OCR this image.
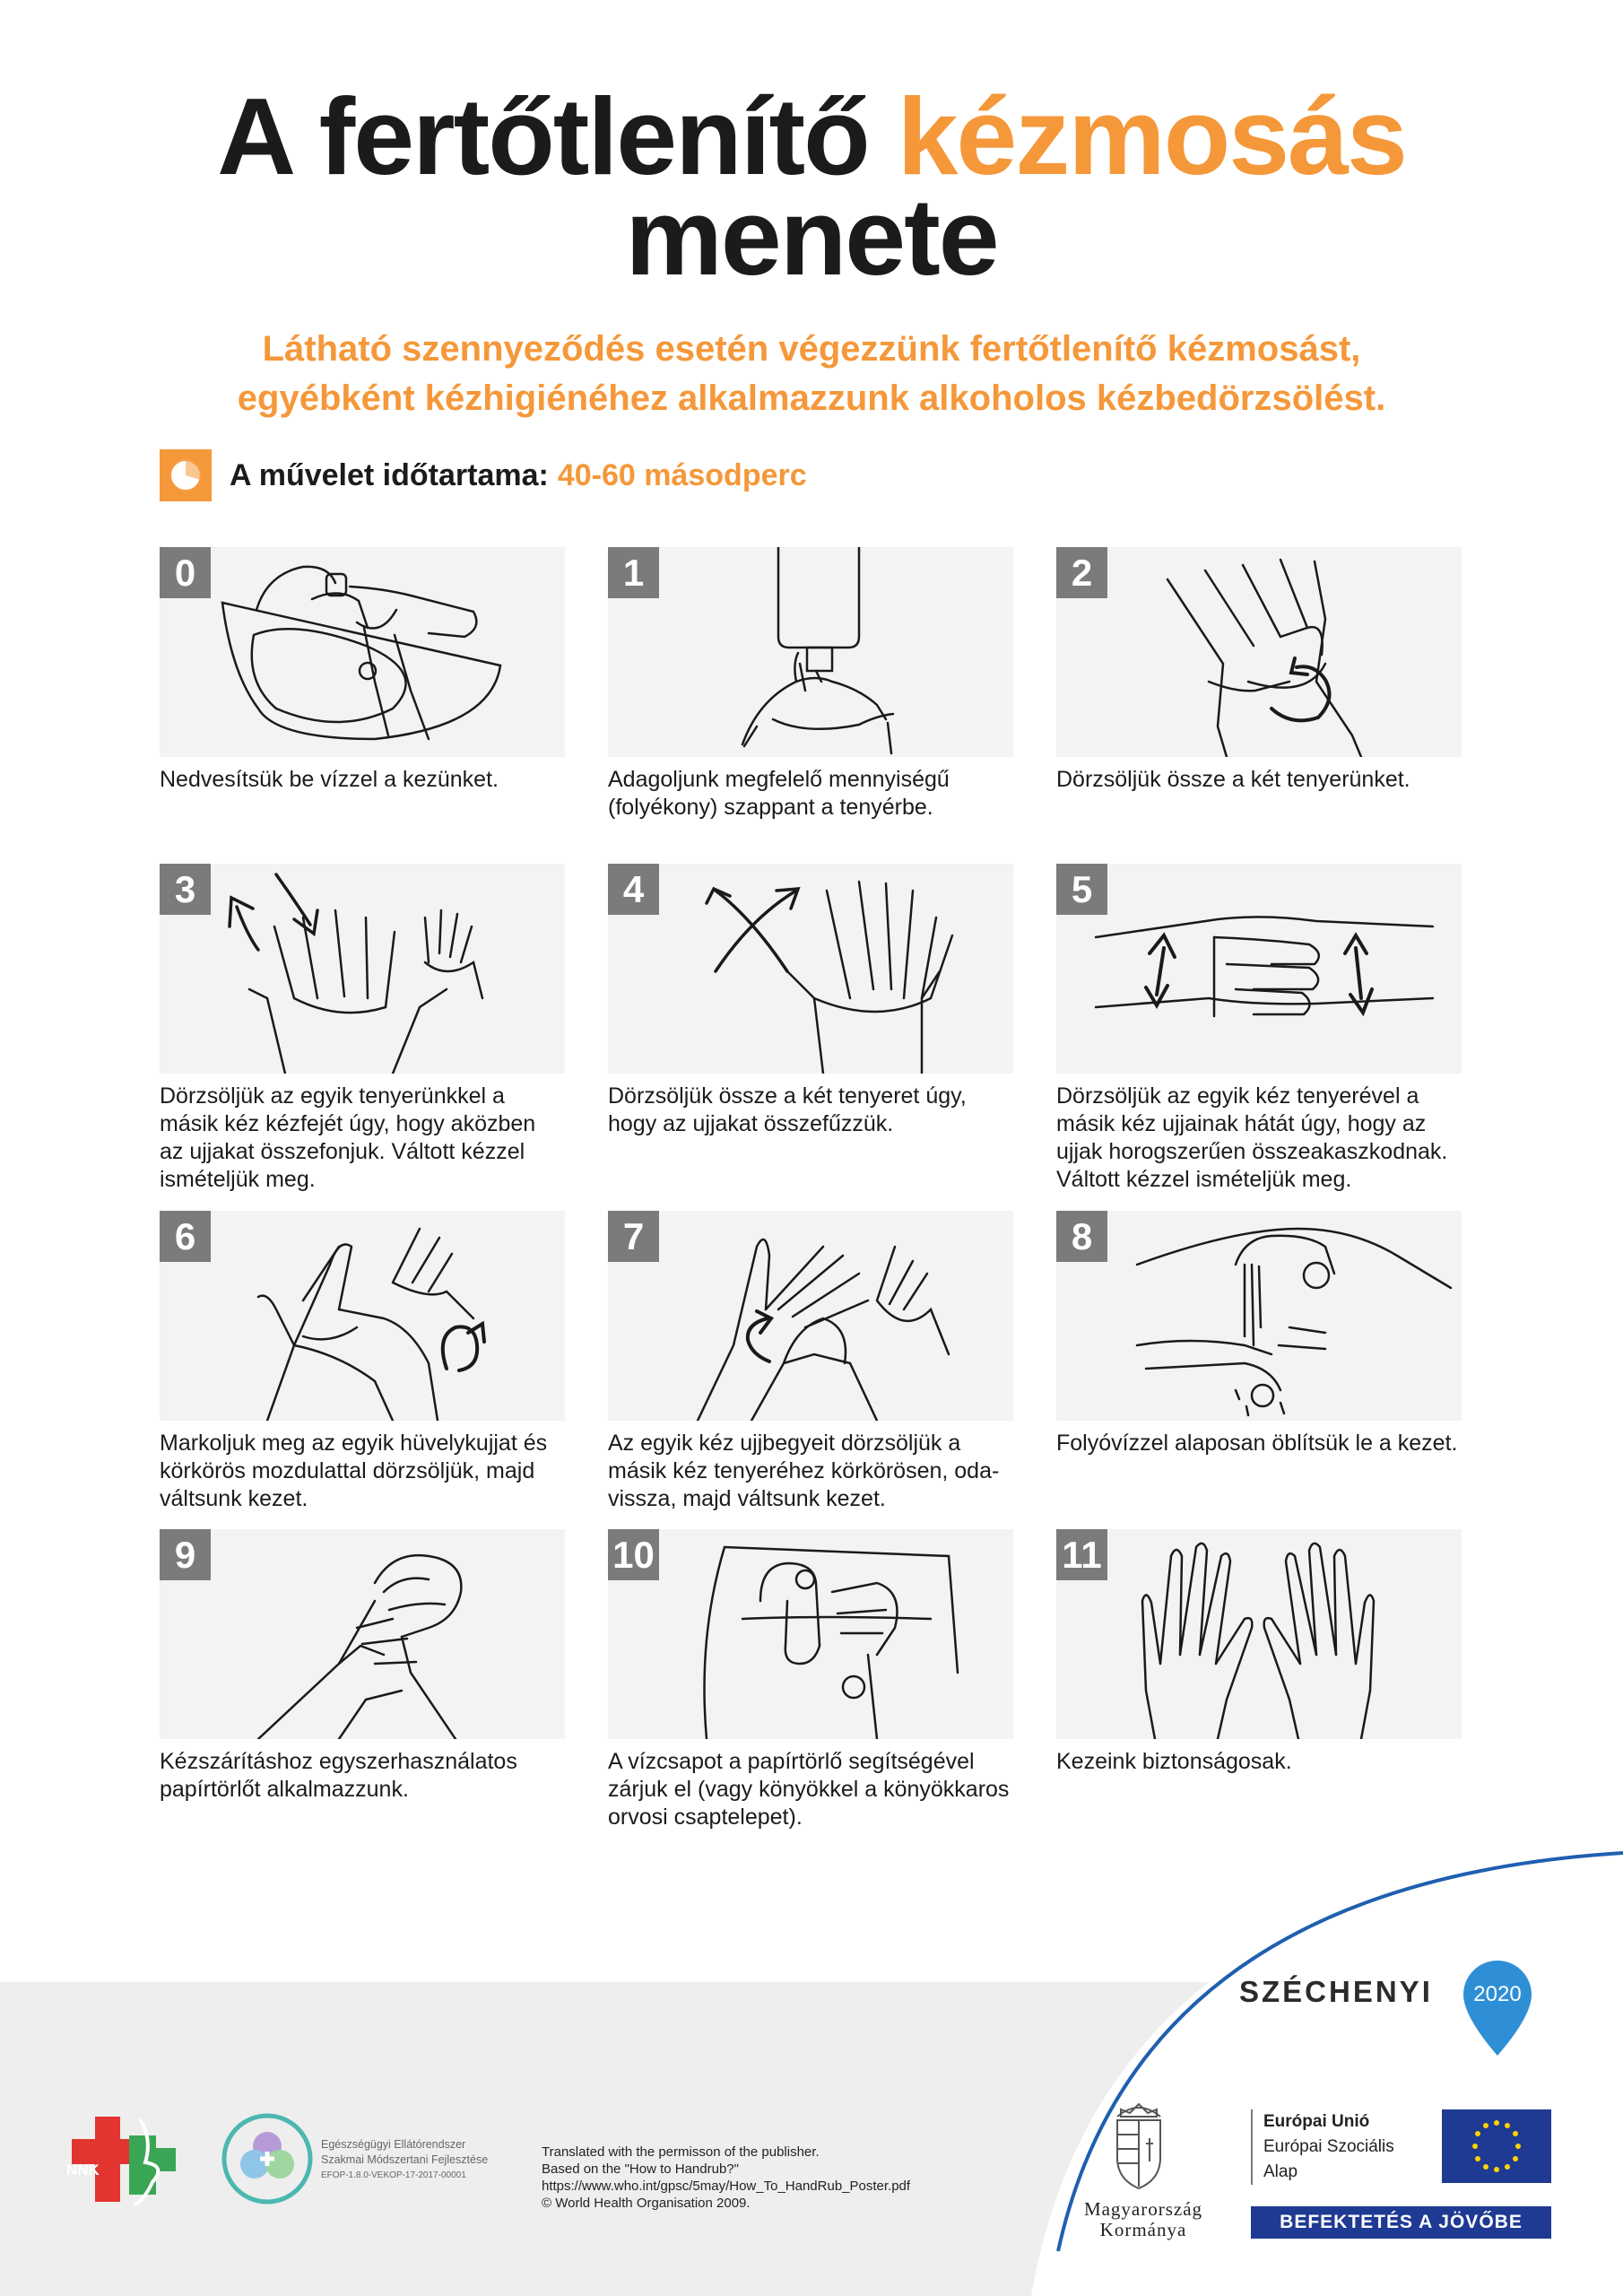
A fertőtlenítő kézmosás
menete
Látható szennyeződés esetén végezzünk fertőtlenítő kézmosást,
egyébként kézhigiénéhez alkalmazzunk alkoholos kézbedörzsölést.
A művelet időtartama: 40-60 másodperc
0
Nedvesítsük be vízzel a kezünket.
1
Adagoljunk megfelelő mennyiségű (folyékony) szappant a tenyérbe.
2
Dörzsöljük össze a két tenyerünket.
3
Dörzsöljük az egyik tenyerünkkel a másik kéz kézfejét úgy, hogy aközben az ujjakat összefonjuk. Váltott kézzel ismételjük meg.
4
Dörzsöljük össze a két tenyeret úgy, hogy az ujjakat összefűzzük.
5
Dörzsöljük az egyik kéz tenyerével a másik kéz ujjainak hátát úgy, hogy az ujjak horogszerűen összeakaszkodnak. Váltott kézzel ismételjük meg.
6
Markoljuk meg az egyik hüvelykujjat és körkörös mozdulattal dörzsöljük, majd váltsunk kezet.
7
Az egyik kéz ujjbegyeit dörzsöljük a másik kéz tenyeréhez körkörösen, oda-vissza, majd váltsunk kezet.
8
Folyóvízzel alaposan öblítsük le a kezet.
9
Kézszárításhoz egyszerhasználatos papírtörlőt alkalmazzunk.
10
A vízcsapot a papírtörlő segítségével zárjuk el (vagy könyökkel a könyökkaros orvosi csaptelepet).
11
Kezeink biztonságosak.
NNK
Egészségügyi Ellátórendszer
Szakmai Módszertani Fejlesztése
EFOP-1.8.0-VEKOP-17-2017-00001
Translated with the permisson of the publisher.
Based on the "How to Handrub?"
https://www.who.int/gpsc/5may/How_To_HandRub_Poster.pdf
© World Health Organisation 2009.
SZÉCHENYI	2020
Magyarország
Kormánya
Európai Unió
Európai Szociális
Alap
BEFEKTETÉS A JÖVŐBE
